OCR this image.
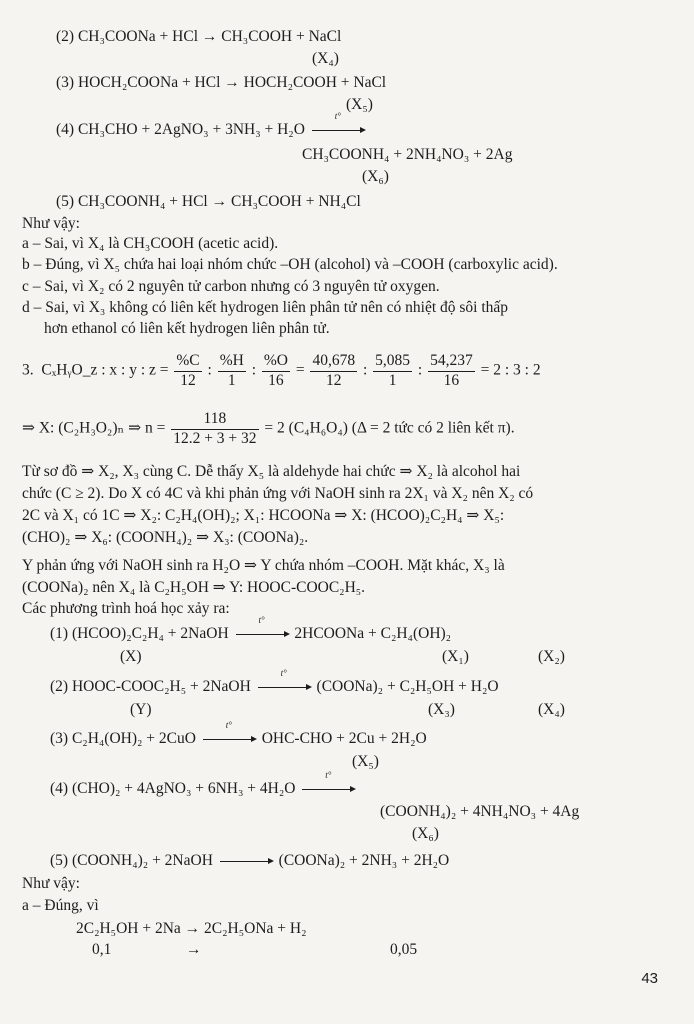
(2) CH₃COONa + HCl → CH₃COOH + NaCl
(X₄)
(3) HOCH₂COONa + HCl → HOCH₂COOH + NaCl
(X₅)
(4) CH₃CHO + 2AgNO₃ + 3NH₃ + H₂O
t°
CH₃COONH₄ + 2NH₄NO₃ + 2Ag
(X₆)
(5) CH₃COONH₄ + HCl → CH₃COOH + NH₄Cl
Như vậy:
a – Sai, vì X₄ là CH₃COOH (acetic acid).
b – Đúng, vì X₅ chứa hai loại nhóm chức –OH (alcohol) và –COOH (carboxylic acid).
c – Sai, vì X₂ có 2 nguyên tử carbon nhưng có 3 nguyên tử oxygen.
d – Sai, vì X₃ không có liên kết hydrogen liên phân tử nên có nhiệt độ sôi thấp
hơn ethanol có liên kết hydrogen liên phân tử.
3. CₓHᵧO_z : x : y : $z = \frac{\%C}{12}$ : $\frac{\%H}{1}$ : $\frac{\%O}{16} = \frac{40,678}{12}$ : $\frac{5,085}{1}$ : $\frac{54,237}{16} = 2$ : 3 : 2
⇒ X: (C₂H₃O₂)ₙ ⇒ $n = \frac{118}{12.2 + 3 + 32} = 2$ (C₄H₆O₄) (Δ = 2 tức có 2 liên kết π).
Từ sơ đồ ⇒ X₂, X₃ cùng C. Dễ thấy X₅ là aldehyde hai chức ⇒ X₂ là alcohol hai
chức (C ≥ 2). Do X có 4C và khi phản ứng với NaOH sinh ra 2X₁ và X₂ nên X₂ có
2C và X₁ có 1C ⇒ X₂: C₂H₄(OH)₂; X₁: HCOONa ⇒ X: (HCOO)₂C₂H₄ ⇒ X₅:
(CHO)₂ ⇒ X₆: (COONH₄)₂ ⇒ X₃: (COONa)₂.
Y phản ứng với NaOH sinh ra H₂O ⇒ Y chứa nhóm –COOH. Mặt khác, X₃ là
(COONa)₂ nên X₄ là C₂H₅OH ⇒ Y: HOOC-COOC₂H₅.
Các phương trình hoá học xảy ra:
(1) (HCOO)₂C₂H₄ + 2NaOH
t°
2HCOONa + C₂H₄(OH)₂
(X)	(X₁)	(X₂)
(2) HOOC-COOC₂H₅ + 2NaOH
t°
(COONa)₂ + C₂H₅OH + H₂O
(Y)	(X₃)	(X₄)
(3) C₂H₄(OH)₂ + 2CuO
t°
OHC-CHO + 2Cu + 2H₂O
(X₅)
(4) (CHO)₂ + 4AgNO₃ + 6NH₃ + 4H₂O
t°
(COONH₄)₂ + 4NH₄NO₃ + 4Ag
(X₆)
(5) (COONH₄)₂ + 2NaOH	(COONa)₂ + 2NH₃ + 2H₂O
Như vậy:
a – Đúng, vì
2C₂H₅OH + 2Na → 2C₂H₅ONa + H₂
0,1	→	0,05
43
